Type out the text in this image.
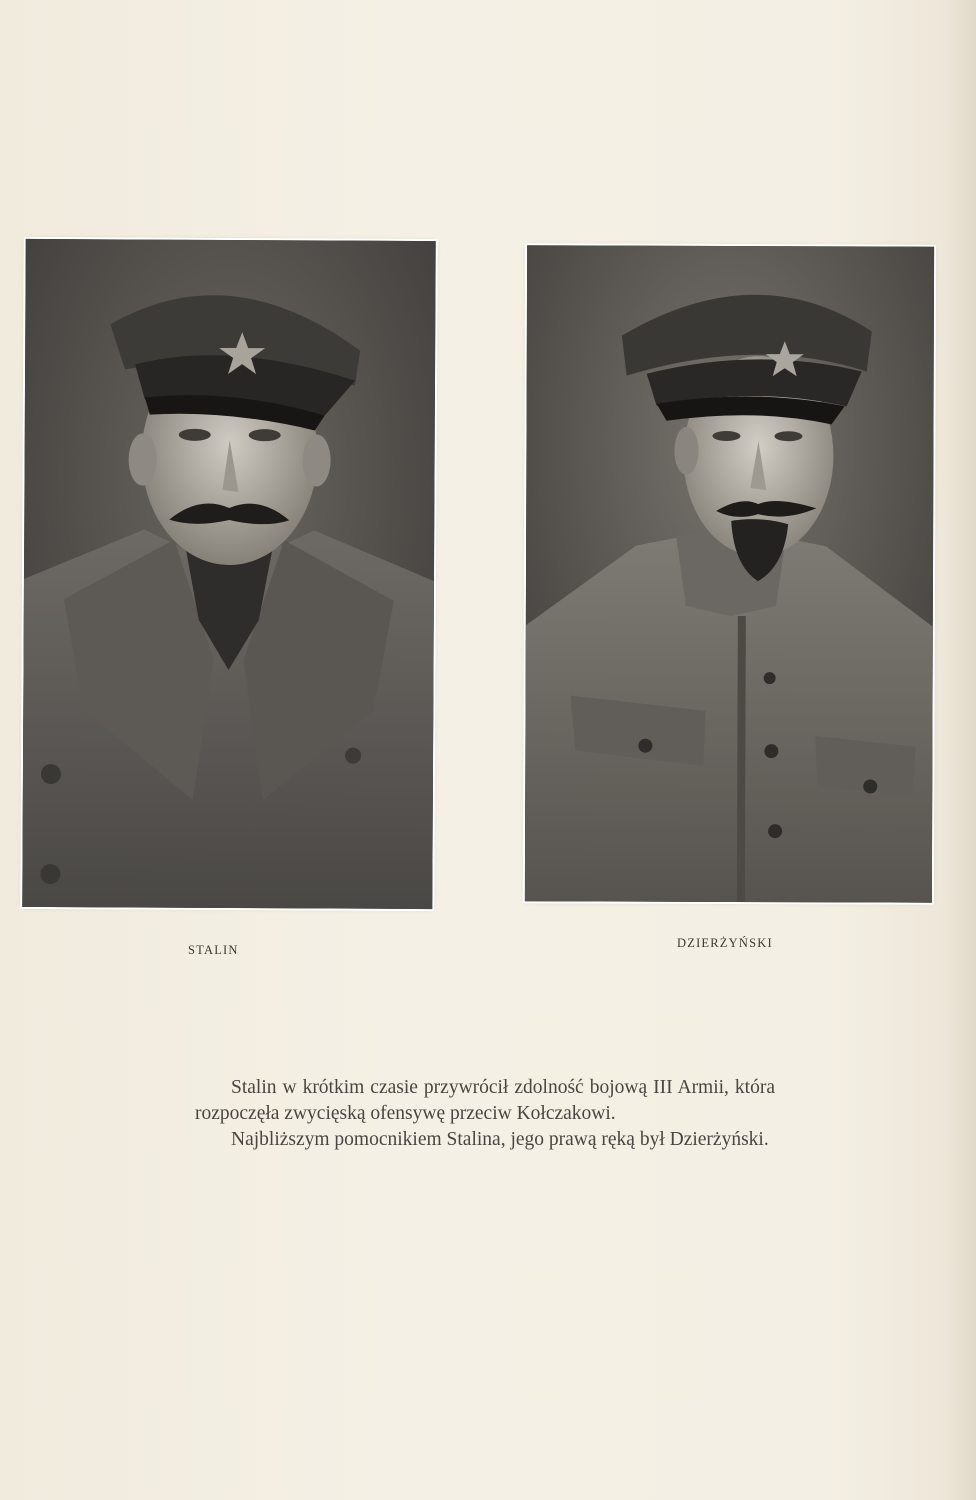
STALIN	DZIERŻYŃSKI

Stalin w krótkim czasie przywrócił zdolność bojową III Armii, która rozpoczęła zwycięską ofensywę przeciw Kołczakowi.

Najbliższym pomocnikiem Stalina, jego prawą ręką był Dzierżyński.
